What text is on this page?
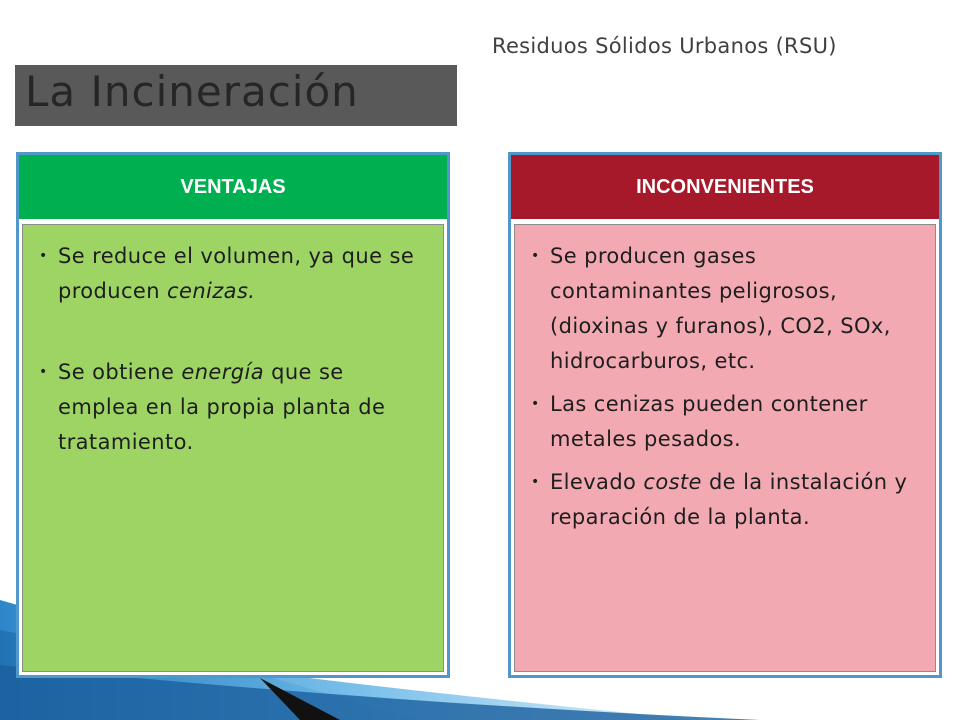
Residuos Sólidos Urbanos (RSU)
La Incineración
VENTAJAS
• Se reduce el volumen, ya que se producen cenizas.
• Se obtiene energía que se emplea en la propia planta de tratamiento.
INCONVENIENTES
• Se producen gases contaminantes peligrosos, (dioxinas y furanos), CO2, SOx, hidrocarburos, etc.
• Las cenizas pueden contener metales pesados.
• Elevado coste de la instalación y reparación de la planta.
